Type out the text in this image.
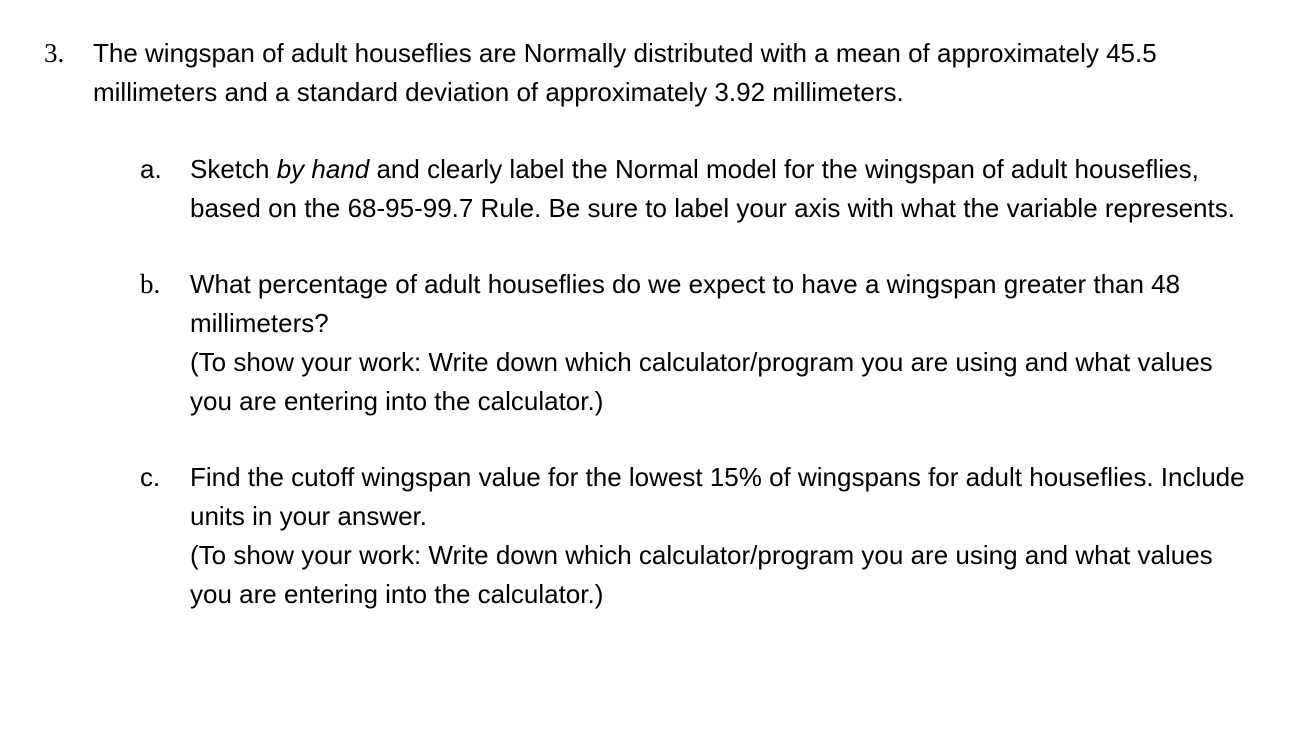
3.	The wingspan of adult houseflies are Normally distributed with a mean of approximately 45.5 millimeters and a standard deviation of approximately 3.92 millimeters.
a.	Sketch by hand and clearly label the Normal model for the wingspan of adult houseflies, based on the 68-95-99.7 Rule. Be sure to label your axis with what the variable represents.

b.	What percentage of adult houseflies do we expect to have a wingspan greater than 48 millimeters?

(To show your work: Write down which calculator/program you are using and what values you are entering into the calculator.)

c.	Find the cutoff wingspan value for the lowest 15% of wingspans for adult houseflies. Include units in your answer.

(To show your work: Write down which calculator/program you are using and what values you are entering into the calculator.)
